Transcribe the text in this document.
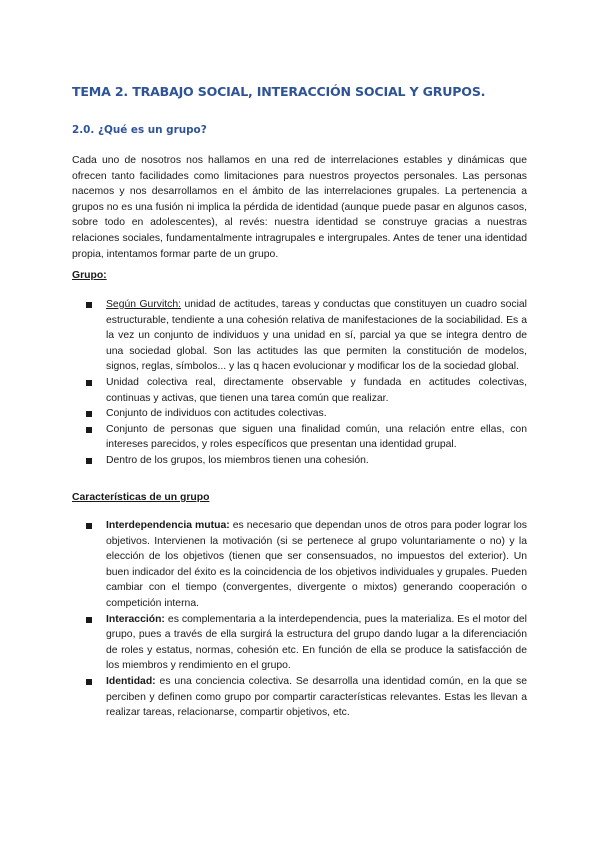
TEMA 2. TRABAJO SOCIAL, INTERACCIÓN SOCIAL Y GRUPOS.
2.0. ¿Qué es un grupo?

Cada uno de nosotros nos hallamos en una red de interrelaciones estables y dinámicas que ofrecen tanto facilidades como limitaciones para nuestros proyectos personales. Las personas nacemos y nos desarrollamos en el ámbito de las interrelaciones grupales. La pertenencia a grupos no es una fusión ni implica la pérdida de identidad (aunque puede pasar en algunos casos, sobre todo en adolescentes), al revés: nuestra identidad se construye gracias a nuestras relaciones sociales, fundamentalmente intragrupales e intergrupales. Antes de tener una identidad propia, intentamos formar parte de un grupo.

Grupo:

Según Gurvitch: unidad de actitudes, tareas y conductas que constituyen un cuadro social estructurable, tendiente a una cohesión relativa de manifestaciones de la sociabilidad. Es a la vez un conjunto de individuos y una unidad en sí, parcial ya que se integra dentro de una sociedad global. Son las actitudes las que permiten la constitución de modelos, signos, reglas, símbolos... y las q hacen evolucionar y modificar los de la sociedad global.
Unidad colectiva real, directamente observable y fundada en actitudes colectivas, continuas y activas, que tienen una tarea común que realizar.
Conjunto de individuos con actitudes colectivas.
Conjunto de personas que siguen una finalidad común, una relación entre ellas, con intereses parecidos, y roles específicos que presentan una identidad grupal.
Dentro de los grupos, los miembros tienen una cohesión.

Características de un grupo

Interdependencia mutua: es necesario que dependan unos de otros para poder lograr los objetivos. Intervienen la motivación (si se pertenece al grupo voluntariamente o no) y la elección de los objetivos (tienen que ser consensuados, no impuestos del exterior). Un buen indicador del éxito es la coincidencia de los objetivos individuales y grupales. Pueden cambiar con el tiempo (convergentes, divergente o mixtos) generando cooperación o competición interna.
Interacción: es complementaria a la interdependencia, pues la materializa. Es el motor del grupo, pues a través de ella surgirá la estructura del grupo dando lugar a la diferenciación de roles y estatus, normas, cohesión etc. En función de ella se produce la satisfacción de los miembros y rendimiento en el grupo.
Identidad: es una conciencia colectiva. Se desarrolla una identidad común, en la que se perciben y definen como grupo por compartir características relevantes. Estas les llevan a realizar tareas, relacionarse, compartir objetivos, etc.
